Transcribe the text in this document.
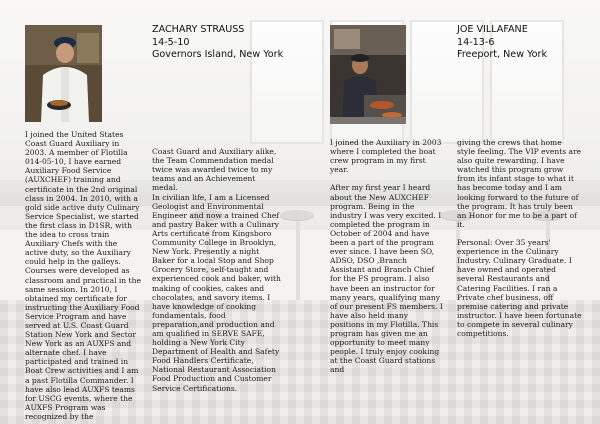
ZACHARY STRAUSS
14-5-10
Governors Island, New York
JOE VILLAFANE
14-13-6
Freeport, New York

I joined the United States Coast Guard Auxiliary in 2003. A member of Flotilla 014-05-10, I have earned Auxiliary Food Service (AUXCHEF) training and certificate in the 2nd original class in 2004. In 2010, with a gold side active duty Culinary Service Specialist, we started the first class in D1SR, with the idea to cross train Auxiliary Chefs with the active duty, so the Auxiliary could help in the galleys. Courses were developed as classroom and practical in the same session. In 2010, I obtained my certificate for instructing the Auxiliary Food Service Program and have served at U.S. Coast Guard Station New York and Sector New York as an AUXFS and alternate chef. I have participated and trained in Boat Crew activities and I am a past Flotilla Commander. I have also lead AUXFS teams for USCG events, where the AUXFS Program was recognized by the

Coast Guard and Auxiliary alike, the Team Commendation medal twice was awarded twice to my teams and an Achievement medal.
In civilian life, I am a Licensed Geologist and Environmental Engineer and now a trained Chef and pastry Baker with a Culinary Arts certificate from Kingsboro Community College in Brooklyn, New York. Presently a night Baker for a local Stop and Shop Grocery Store, self-taught and experienced cook and baker, with making of cookies, cakes and chocolates, and savory items. I have knowledge of cooking fundamentals, food preparation,and production and am qualified in SERVE SAFE, holding a New York City Department of Health and Safety Food Handlers Certificate, National Restaurant Association Food Production and Customer Service Certifications.

I joined the Auxiliary in 2003 where I completed the boat crew program in my first year.

After my first year I heard about the New AUXCHEF program. Being in the industry I was very excited. I completed the program in October of 2004 and have been a part of the program ever since. I have been SO, ADSO, DSO ,Branch Assistant and Branch Chief for the FS program. I also have been an instructor for many years, qualifying many of our present FS members. I have also held many positions in my Flotilla. This program has given me an opportunity to meet many people. I truly enjoy cooking at the Coast Guard stations and

giving the crews that home style feeling. The VIP events are also quite rewarding. I have watched this program grow from its infant stage to what it has become today and I am looking forward to the future of the program. It has truly been an Honor for me to be a part of it.

Personal: Over 35 years' experience in the Culinary Industry. Culinary Graduate. I have owned and operated several Restaurants and Catering Facilities. I ran a Private chef business, off premise catering and private instructor. I have been fortunate to compete in several culinary competitions.
